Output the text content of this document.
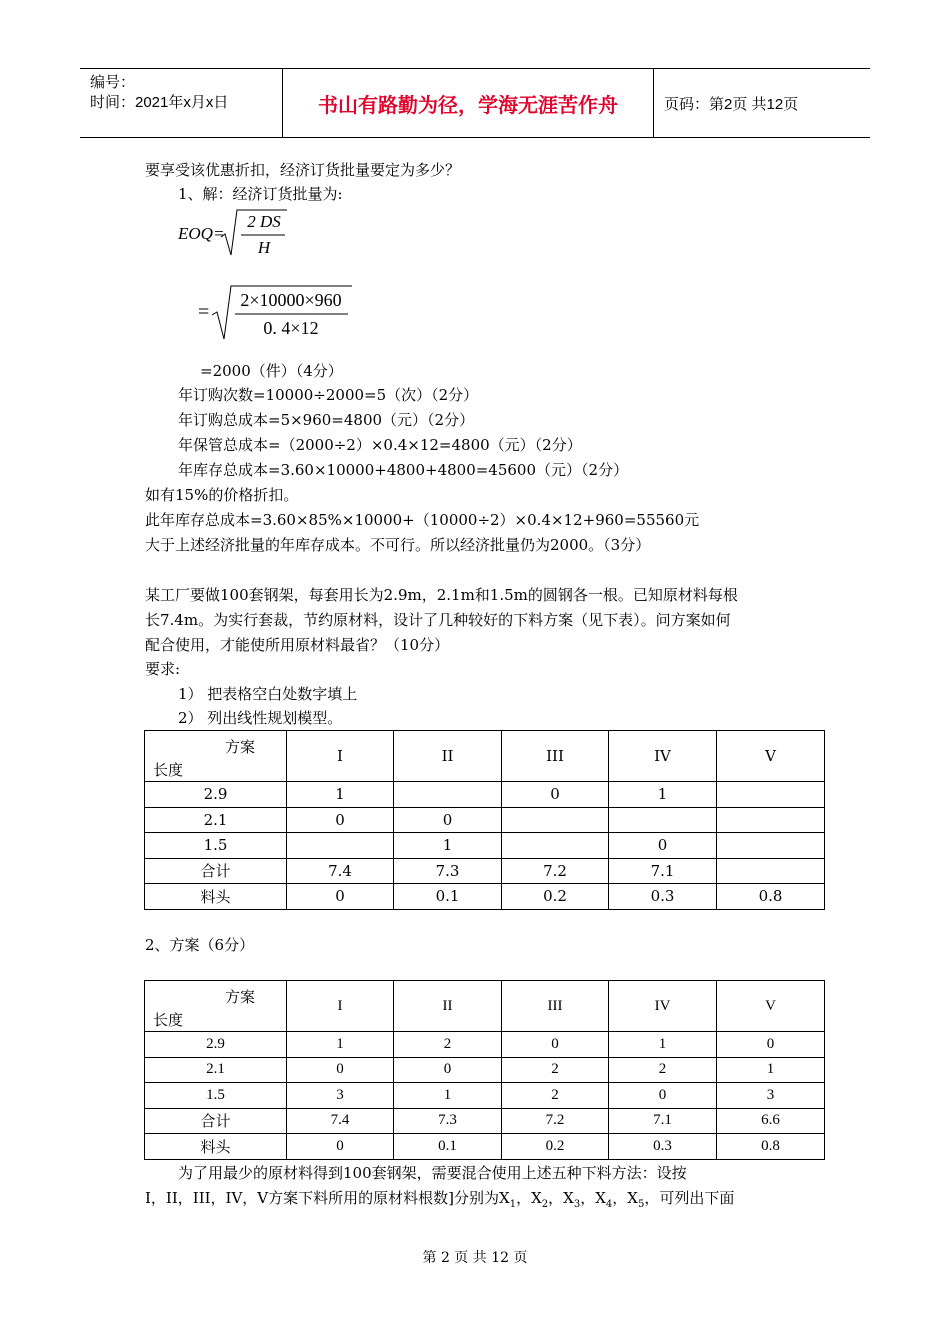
编号：
时间：2021年x月x日	书山有路勤为径，学海无涯苦作舟	页码：第2页 共12页
要享受该优惠折扣，经济订货批量要定为多少？
1、解：经济订货批量为:
EOQ=
2 DS
H
=
2×10000×960
0. 4×12
=2000（件）（4分）
年订购次数=10000÷2000=5（次）（2分）
年订购总成本=5×960=4800（元）（2分）
年保管总成本=（2000÷2）×0.4×12=4800（元）（2分）
年库存总成本=3.60×10000+4800+4800=45600（元）（2分）
如有15%的价格折扣。
此年库存总成本=3.60×85%×10000+（10000÷2）×0.4×12+960=55560元
大于上述经济批量的年库存成本。不可行。所以经济批量仍为2000。（3分）
某工厂要做100套钢架，每套用长为2.9m，2.1m和1.5m的圆钢各一根。已知原材料每根
长7.4m。为实行套裁，节约原材料，设计了几种较好的下料方案（见下表）。问方案如何
配合使用，才能使所用原材料最省？（10分）
要求:
1） 把表格空白处数字填上
2） 列出线性规划模型。
方案
长度	I	II	III	IV	V
2.9	1		0	1	
2.1	0	0			
1.5		1		0	
合计	7.4	7.3	7.2	7.1	
料头	0	0.1	0.2	0.3	0.8
2、方案（6分）
方案
长度	I	II	III	IV	V
2.9	1	2	0	1	0
2.1	0	0	2	2	1
1.5	3	1	2	0	3
合计	7.4	7.3	7.2	7.1	6.6
料头	0	0.1	0.2	0.3	0.8
为了用最少的原材料得到100套钢架，需要混合使用上述五种下料方法：设按
I，II，III，IV，V方案下料所用的原材料根数]分别为$X_1$，$X_2$，$X_3$，$X_4$，$X_5$，可列出下面
第 2 页 共 12 页
